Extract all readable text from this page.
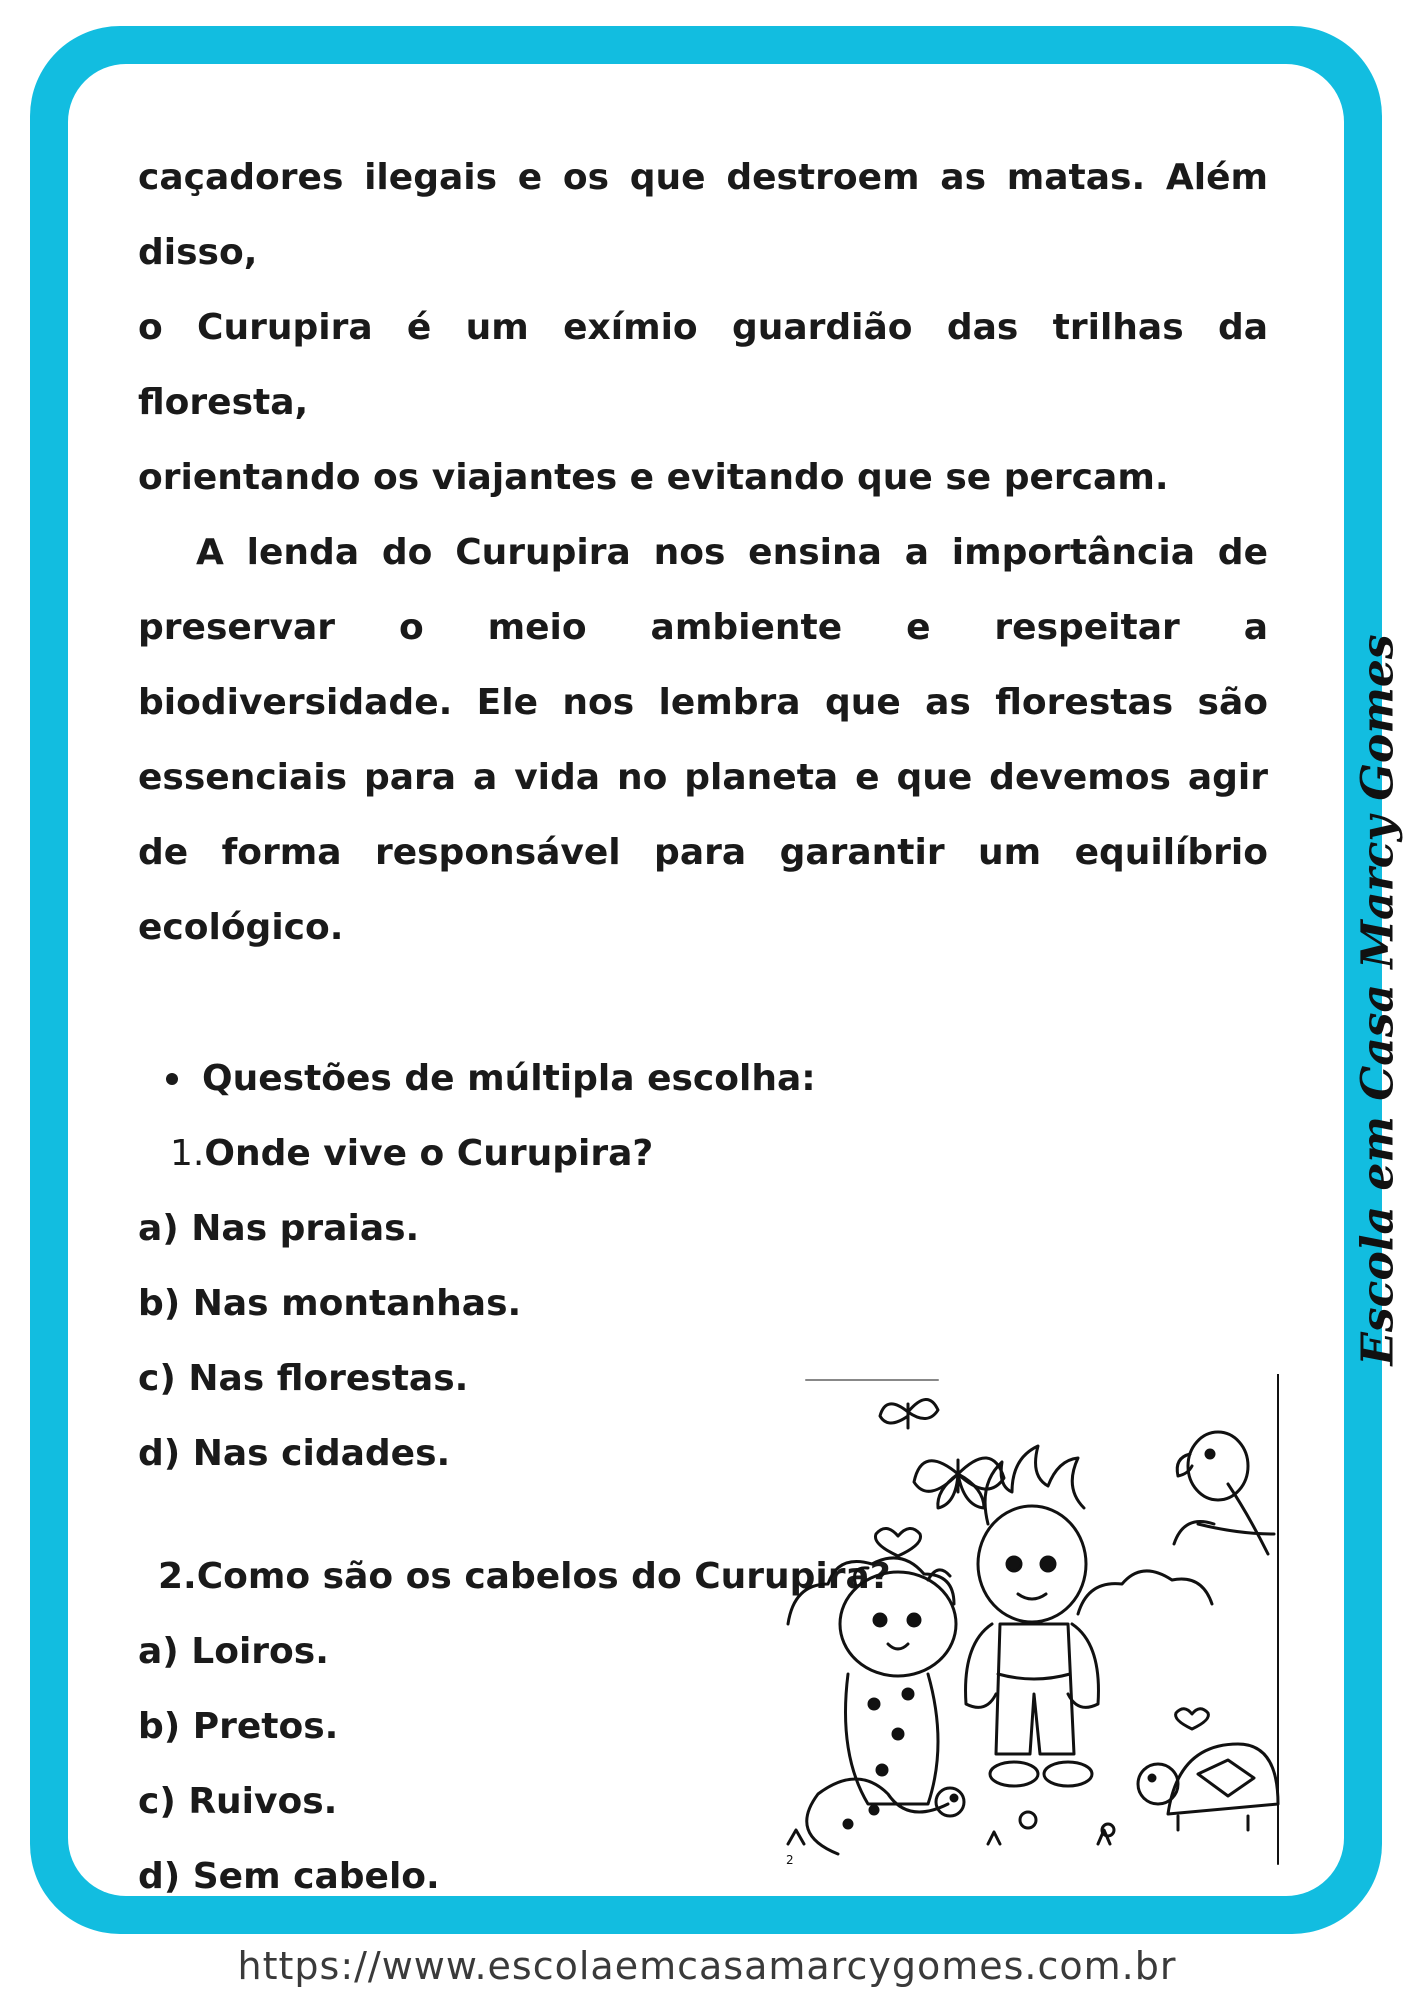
caçadores ilegais e os que destroem as matas. Além disso,
o Curupira é um exímio guardião das trilhas da floresta,
orientando os viajantes e evitando que se percam.

A lenda do Curupira nos ensina a importância de preservar o meio ambiente e respeitar a biodiversidade. Ele nos lembra que as florestas são essenciais para a vida no planeta e que devemos agir de forma responsável para garantir um equilíbrio ecológico.

Questões de múltipla escolha:
1.Onde vive o Curupira?
a) Nas praias.
b) Nas montanhas.
c) Nas florestas.
d) Nas cidades.
2.Como são os cabelos do Curupira?
a) Loiros.
b) Pretos.
c) Ruivos.
d) Sem cabelo.	2
Escola em Casa Marcy Gomes
https://www.escolaemcasamarcygomes.com.br
